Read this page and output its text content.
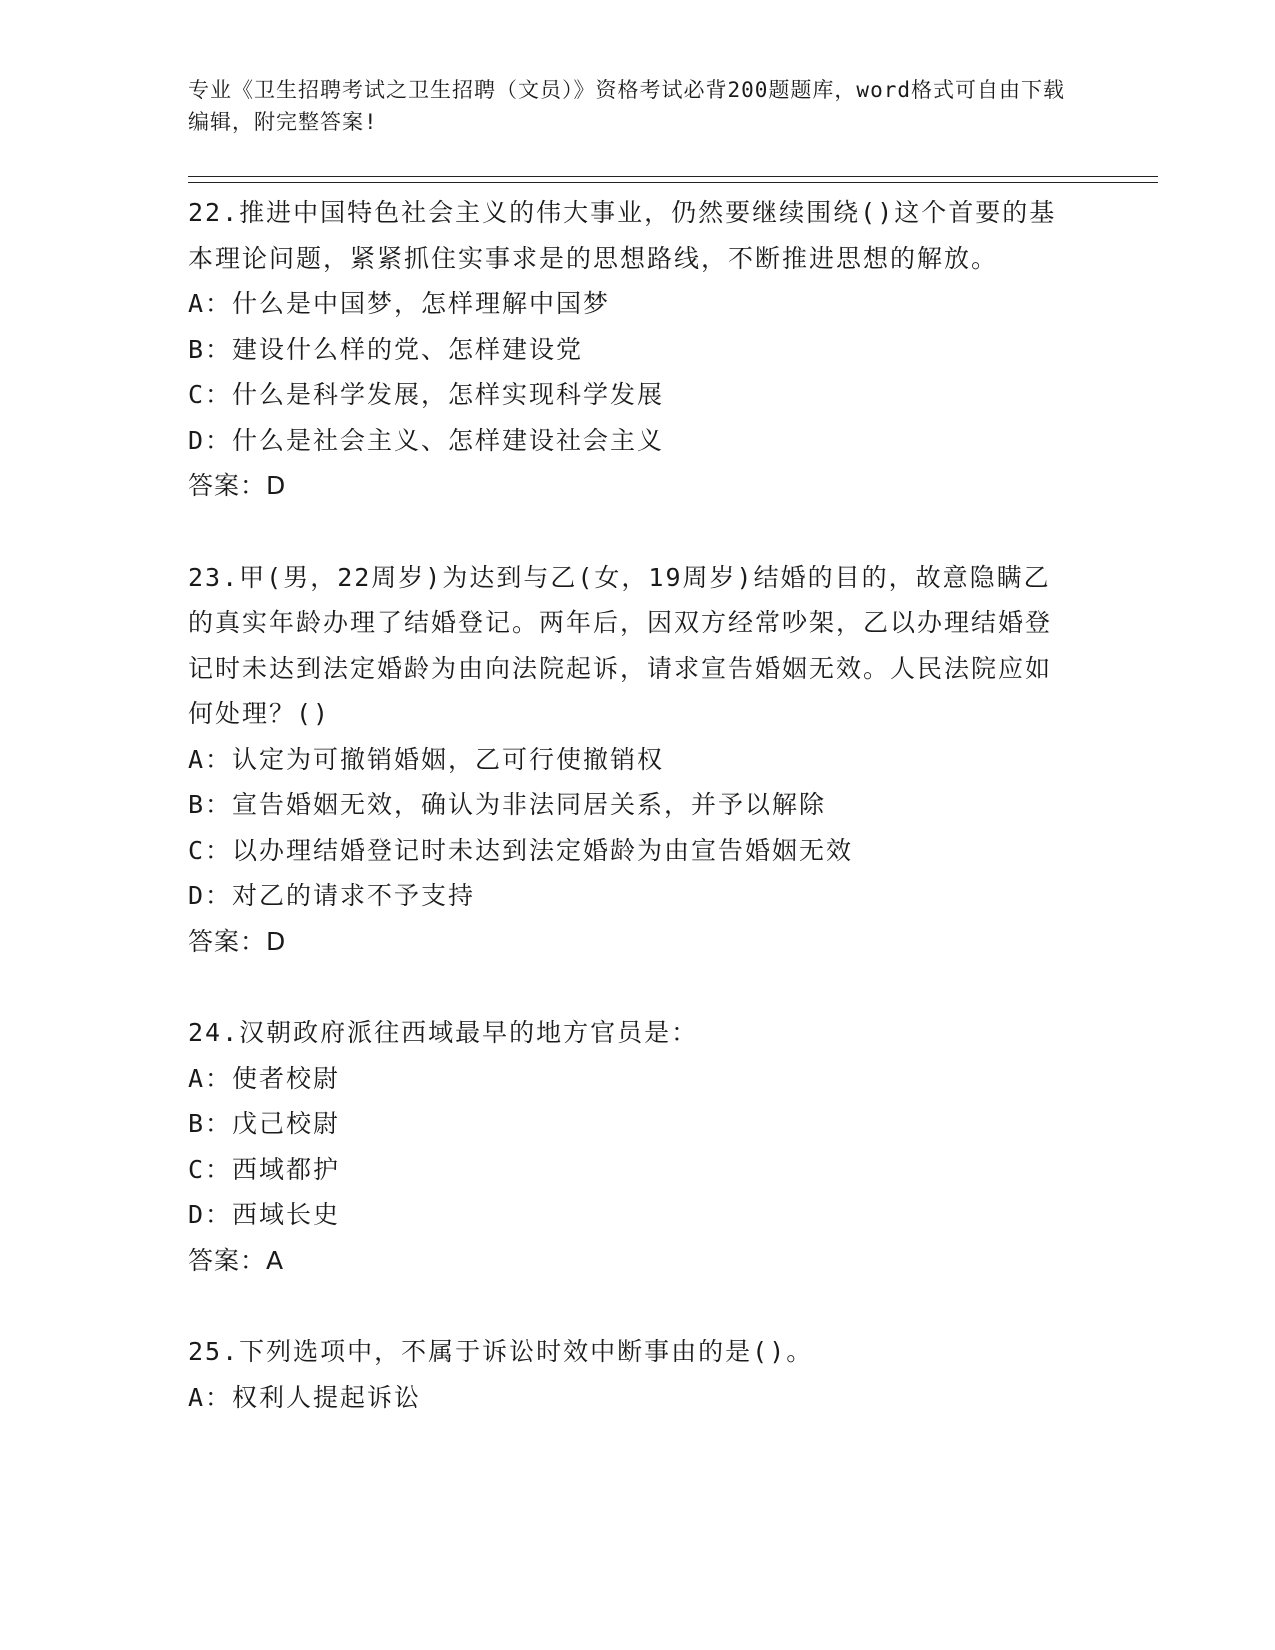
专业《卫生招聘考试之卫生招聘（文员）》资格考试必背200题题库，word格式可自由下载编辑，附完整答案!

22.推进中国特色社会主义的伟大事业，仍然要继续围绕()这个首要的基本理论问题，紧紧抓住实事求是的思想路线，不断推进思想的解放。

A：什么是中国梦，怎样理解中国梦

B：建设什么样的党、怎样建设党

C：什么是科学发展，怎样实现科学发展

D：什么是社会主义、怎样建设社会主义

答案：D

23.甲(男，22周岁)为达到与乙(女，19周岁)结婚的目的，故意隐瞒乙的真实年龄办理了结婚登记。两年后，因双方经常吵架，乙以办理结婚登记时未达到法定婚龄为由向法院起诉，请求宣告婚姻无效。人民法院应如何处理？()

A：认定为可撤销婚姻，乙可行使撤销权

B：宣告婚姻无效，确认为非法同居关系，并予以解除

C：以办理结婚登记时未达到法定婚龄为由宣告婚姻无效

D：对乙的请求不予支持

答案：D

24.汉朝政府派往西域最早的地方官员是：

A：使者校尉

B：戊己校尉

C：西域都护

D：西域长史

答案：A

25.下列选项中，不属于诉讼时效中断事由的是()。

A：权利人提起诉讼
